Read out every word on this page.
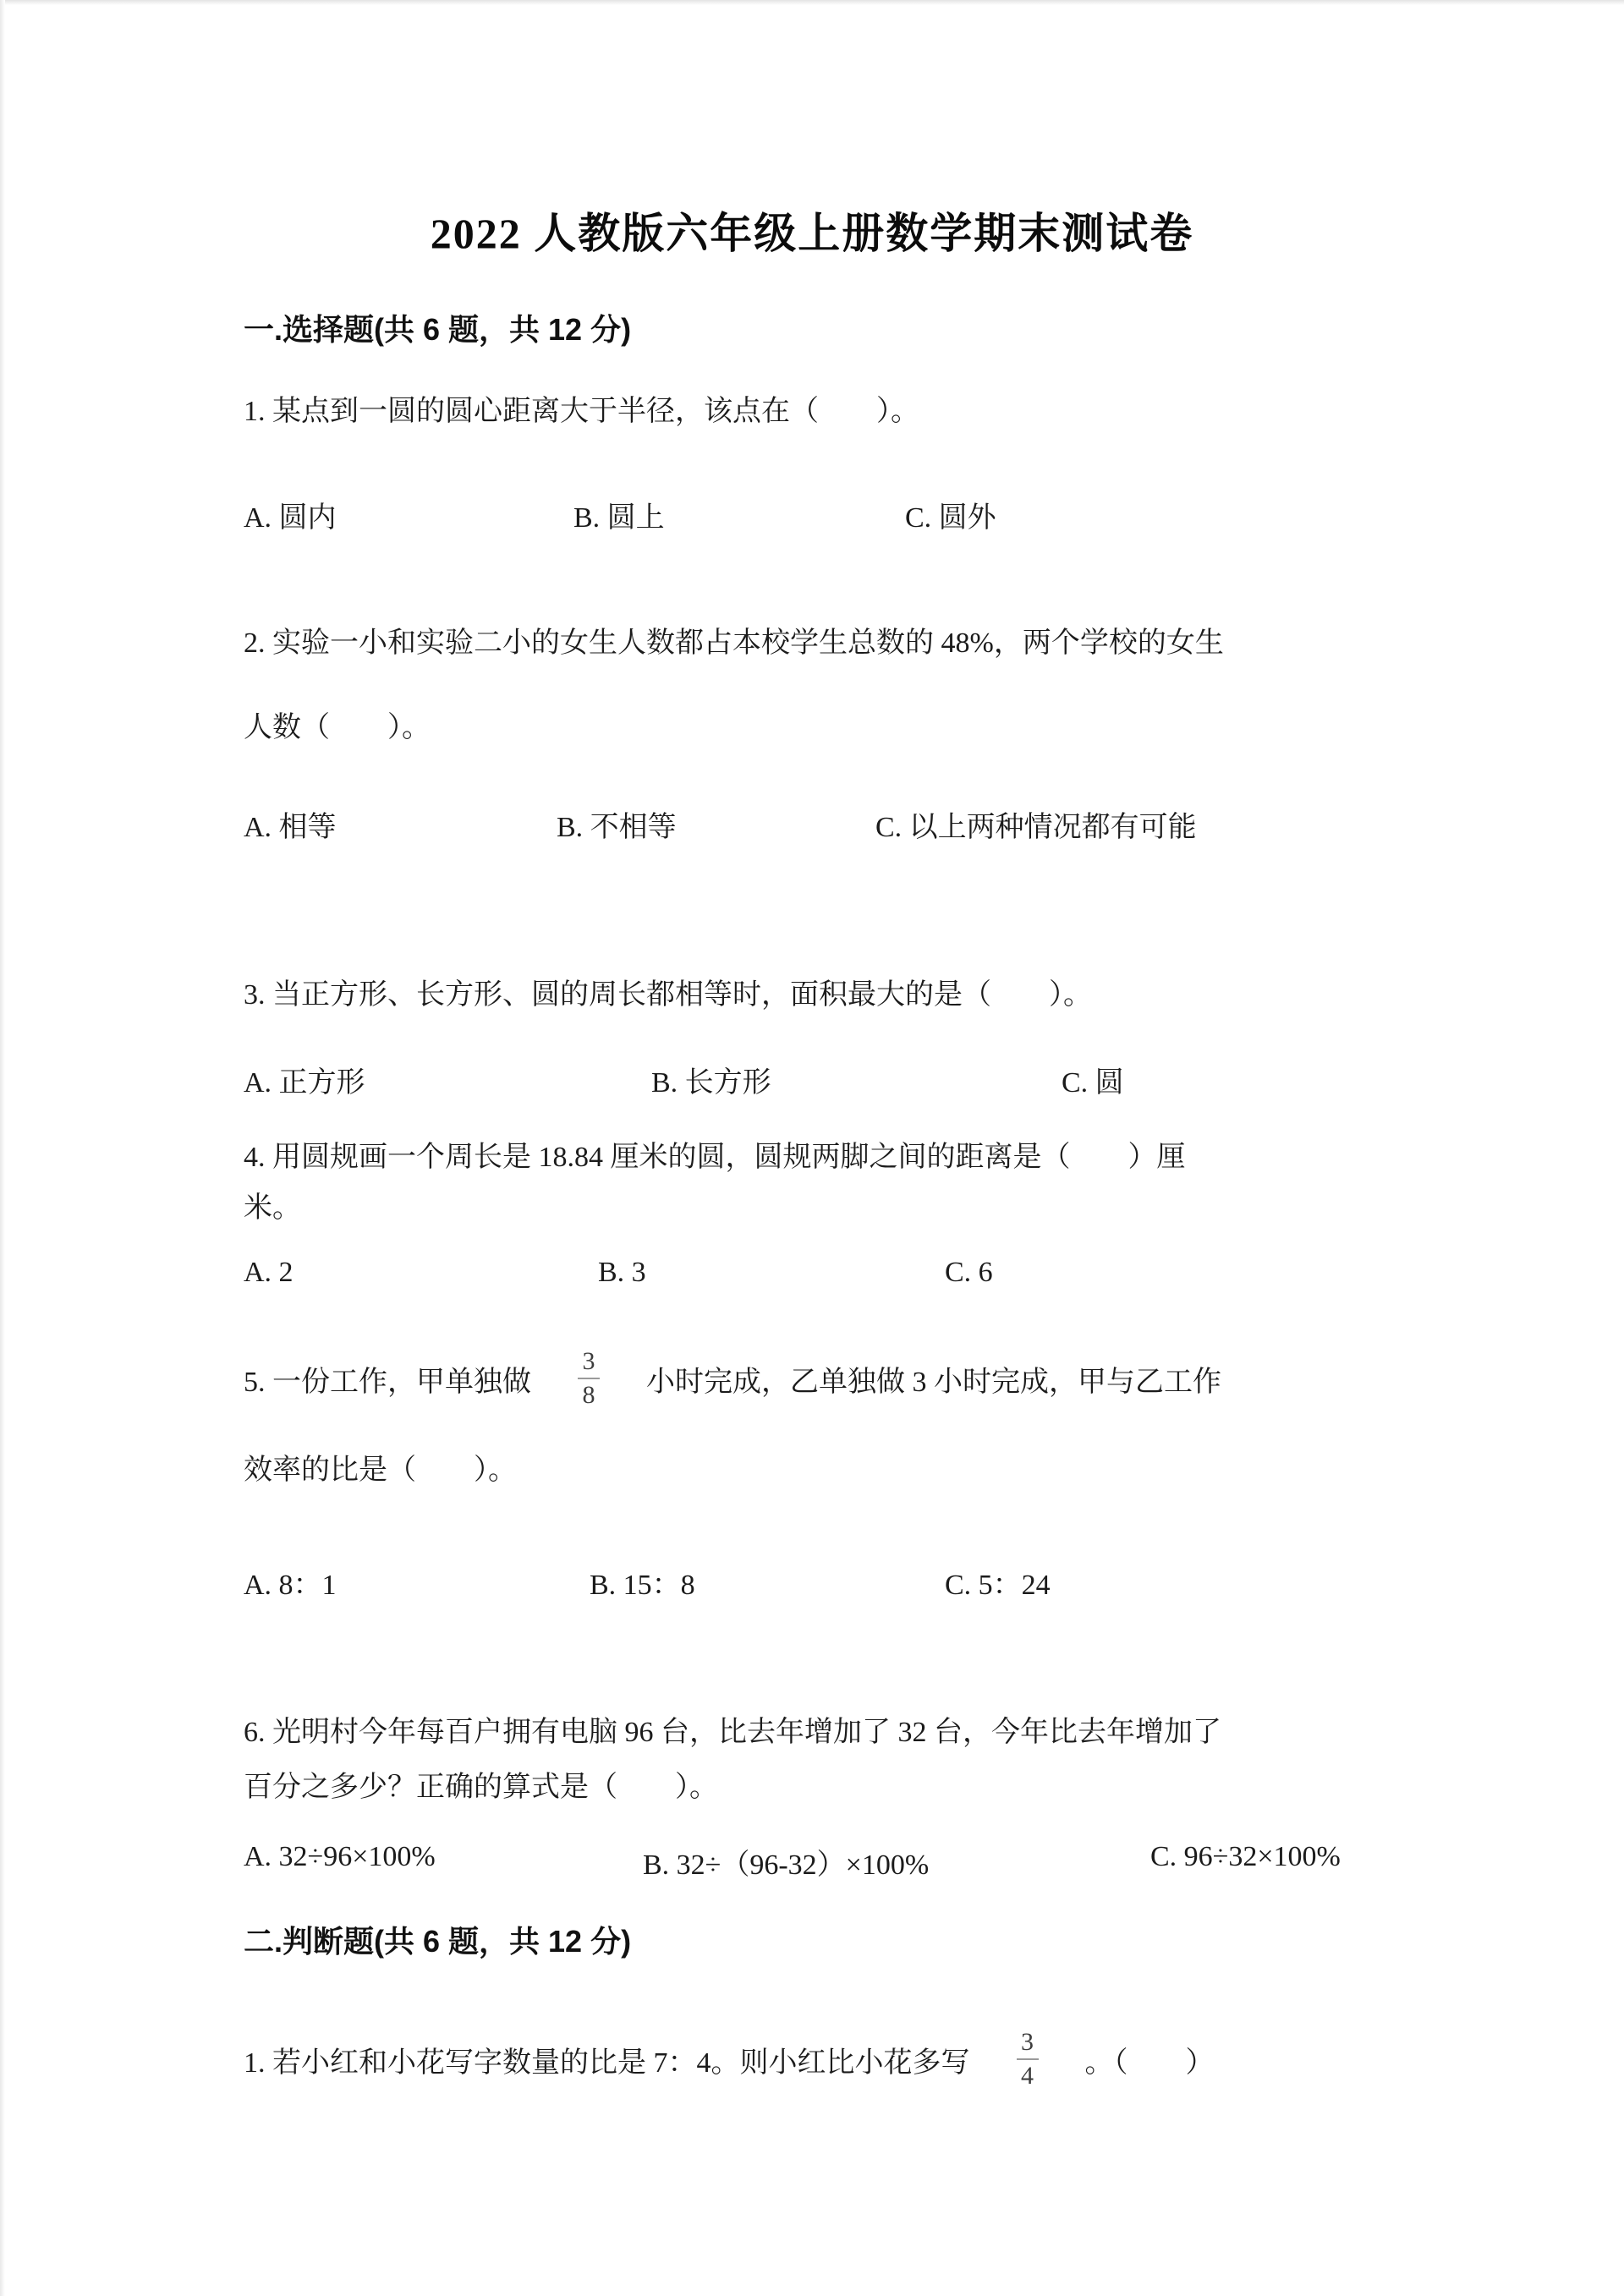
2022 人教版六年级上册数学期末测试卷
一.选择题(共 6 题，共 12 分)
1. 某点到一圆的圆心距离大于半径，该点在（　　）。
A. 圆内	B. 圆上	C. 圆外
2. 实验一小和实验二小的女生人数都占本校学生总数的 48%，两个学校的女生
人数（　　）。
A. 相等	B. 不相等	C. 以上两种情况都有可能
3. 当正方形、长方形、圆的周长都相等时，面积最大的是（　　）。
A. 正方形	B. 长方形	C. 圆
4. 用圆规画一个周长是 18.84 厘米的圆，圆规两脚之间的距离是（　　）厘
米。
A. 2	B. 3	C. 6
5. 一份工作，甲单独做 $\frac{3}{8}$ 小时完成，乙单独做 3 小时完成，甲与乙工作
效率的比是（　　）。
A. 8：1	B. 15：8	C. 5：24
6. 光明村今年每百户拥有电脑 96 台，比去年增加了 32 台，今年比去年增加了
百分之多少？正确的算式是（　　）。
A. 32÷96×100%	B. 32÷（96-32）×100%	C. 96÷32×100%
二.判断题(共 6 题，共 12 分)
1. 若小红和小花写字数量的比是 7：4。则小红比小花多写 $\frac{3}{4}$ 。（　　）
